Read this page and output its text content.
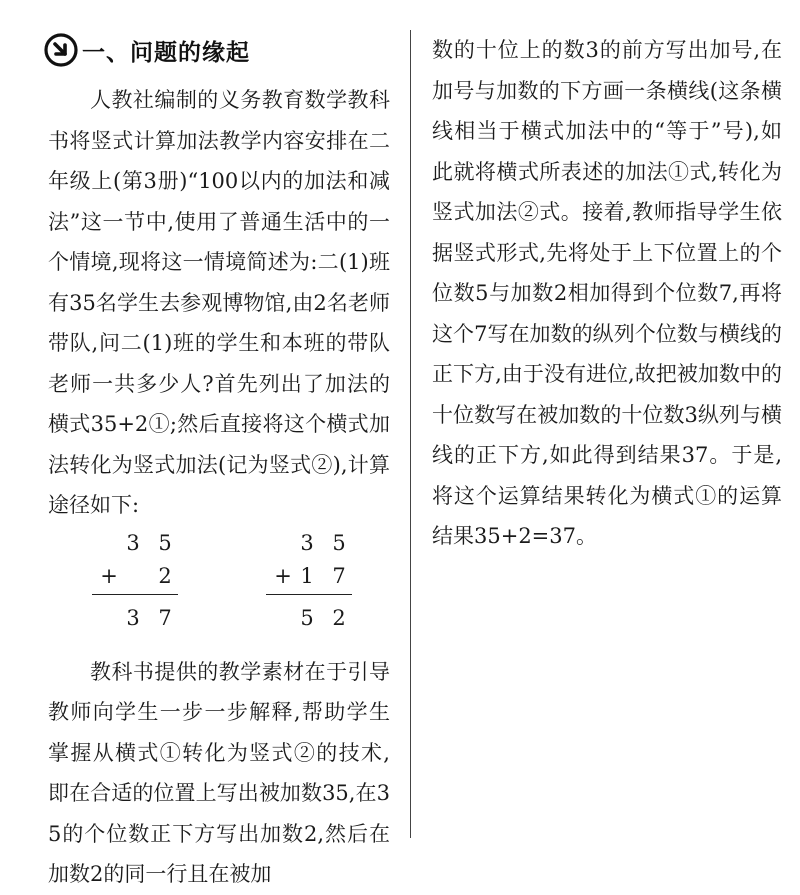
一、问题的缘起

人教社编制的义务教育数学教科书将竖式计算加法教学内容安排在二年级上(第3册)“100以内的加法和减法”这一节中,使用了普通生活中的一个情境,现将这一情境简述为:二(1)班有35名学生去参观博物馆,由2名老师带队,问二(1)班的学生和本班的带队老师一共多少人?首先列出了加法的横式35+2①;然后直接将这个横式加法转化为竖式加法(记为竖式②),计算途径如下:

3 5
+ 2
3 7
3 5
+ 1 7
5 2

教科书提供的教学素材在于引导教师向学生一步一步解释,帮助学生掌握从横式①转化为竖式②的技术,即在合适的位置上写出被加数35,在35的个位数正下方写出加数2,然后在加数2的同一行且在被加

数的十位上的数3的前方写出加号,在加号与加数的下方画一条横线(这条横线相当于横式加法中的“等于”号),如此就将横式所表述的加法①式,转化为竖式加法②式。接着,教师指导学生依据竖式形式,先将处于上下位置上的个位数5与加数2相加得到个位数7,再将这个7写在加数的纵列个位数与横线的正下方,由于没有进位,故把被加数中的十位数写在被加数的十位数3纵列与横线的正下方,如此得到结果37。于是,将这个运算结果转化为横式①的运算结果35+2=37。
